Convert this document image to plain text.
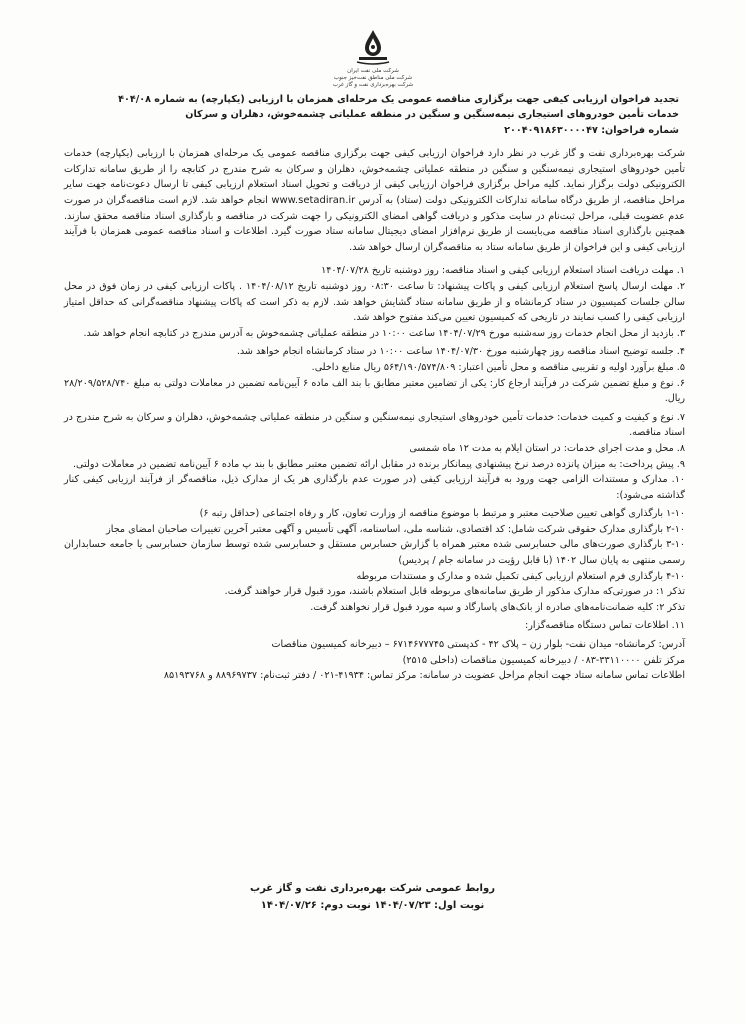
شرکت ملی نفت ایران
شرکت ملی مناطق نفت‌خیز جنوب
شرکت بهره‌برداری نفت و گاز غرب
تجدید فراخوان ارزیابی کیفی جهت برگزاری مناقصه عمومی یک مرحله‌ای همزمان با ارزیابی (یکپارچه) به شماره ۴۰۴/۰۸
خدمات تأمین خودروهای استیجاری نیمه‌سنگین و سنگین در منطقه عملیاتی چشمه‌خوش، دهلران و سرکان
شماره فراخوان: ۲۰۰۴۰۹۱۸۶۳۰۰۰۰۴۷

شرکت بهره‌برداری نفت و گاز غرب در نظر دارد فراخوان ارزیابی کیفی جهت برگزاری مناقصه عمومی یک مرحله‌ای همزمان با ارزیابی (یکپارچه) خدمات تأمین خودروهای استیجاری نیمه‌سنگین و سنگین در منطقه عملیاتی چشمه‌خوش، دهلران و سرکان به شرح مندرج در کتابچه را از طریق سامانه تدارکات الکترونیکی دولت برگزار نماید. کلیه مراحل برگزاری فراخوان ارزیابی کیفی از دریافت و تحویل اسناد استعلام ارزیابی کیفی تا ارسال دعوت‌نامه جهت سایر مراحل مناقصه، از طریق درگاه سامانه تدارکات الکترونیکی دولت (ستاد) به آدرس www.setadiran.ir انجام خواهد شد. لازم است مناقصه‌گران در صورت عدم عضویت قبلی، مراحل ثبت‌نام در سایت مذکور و دریافت گواهی امضای الکترونیکی را جهت شرکت در مناقصه و بارگذاری اسناد مناقصه محقق سازند. همچنین بارگذاری اسناد مناقصه می‌بایست از طریق نرم‌افزار امضای دیجیتال سامانه ستاد صورت گیرد. اطلاعات و اسناد مناقصه عمومی همزمان با فرآیند ارزیابی کیفی و این فراخوان از طریق سامانه ستاد به مناقصه‌گران ارسال خواهد شد.

۱. مهلت دریافت اسناد استعلام ارزیابی کیفی و اسناد مناقصه: روز دوشنبه تاریخ ۱۴۰۴/۰۷/۲۸
۲. مهلت ارسال پاسخ استعلام ارزیابی کیفی و پاکات پیشنهاد: تا ساعت ۰۸:۳۰ روز دوشنبه تاریخ ۱۴۰۴/۰۸/۱۲ . پاکات ارزیابی کیفی در زمان فوق در محل سالن جلسات کمیسیون در ستاد کرمانشاه و از طریق سامانه ستاد گشایش خواهد شد. لازم به ذکر است که پاکات پیشنهاد مناقصه‌گرانی که حداقل امتیاز ارزیابی کیفی را کسب نمایند در تاریخی که کمیسیون تعیین می‌کند مفتوح خواهد شد.
۳. بازدید از محل انجام خدمات روز سه‌شنبه مورخ ۱۴۰۴/۰۷/۲۹ ساعت ۱۰:۰۰ در منطقه عملیاتی چشمه‌خوش به آدرس مندرج در کتابچه انجام خواهد شد.
۴. جلسه توضیح اسناد مناقصه روز چهارشنبه مورخ ۱۴۰۴/۰۷/۳۰ ساعت ۱۰:۰۰ در ستاد کرمانشاه انجام خواهد شد.
۵. مبلغ برآورد اولیه و تقریبی مناقصه و محل تأمین اعتبار: ۵۶۴/۱۹۰/۵۷۴/۸۰۹ ریال منابع داخلی.
۶. نوع و مبلغ تضمین شرکت در فرآیند ارجاع کار: یکی از تضامین معتبر مطابق با بند الف ماده ۶ آیین‌نامه تضمین در معاملات دولتی به مبلغ ۲۸/۲۰۹/۵۲۸/۷۴۰ ریال.
۷. نوع و کیفیت و کمیت خدمات: خدمات تأمین خودروهای استیجاری نیمه‌سنگین و سنگین در منطقه عملیاتی چشمه‌خوش، دهلران و سرکان به شرح مندرج در اسناد مناقصه.
۸. محل و مدت اجرای خدمات: در استان ایلام به مدت ۱۲ ماه شمسی
۹. پیش پرداخت: به میزان پانزده درصد نرخ پیشنهادی پیمانکار برنده در مقابل ارائه تضمین معتبر مطابق با بند پ ماده ۶ آیین‌نامه تضمین در معاملات دولتی.
۱۰. مدارک و مستندات الزامی جهت ورود به فرآیند ارزیابی کیفی (در صورت عدم بارگذاری هر یک از مدارک ذیل، مناقصه‌گر از فرآیند ارزیابی کیفی کنار گذاشته می‌شود):
۱-۱۰ بارگذاری گواهی تعیین صلاحیت معتبر و مرتبط با موضوع مناقصه از وزارت تعاون، کار و رفاه اجتماعی (حداقل رتبه ۶)
۲-۱۰ بارگذاری مدارک حقوقی شرکت شامل: کد اقتصادی، شناسه ملی، اساسنامه، آگهی تأسیس و آگهی معتبر آخرین تغییرات صاحبان امضای مجاز
۳-۱۰ بارگذاری صورت‌های مالی حسابرسی شده معتبر همراه با گزارش حسابرس مستقل و حسابرسی شده توسط سازمان حسابرسی یا جامعه حسابداران رسمی منتهی به پایان سال ۱۴۰۲ (با قابل رؤیت در سامانه جام / پردیس)
۴-۱۰ بارگذاری فرم استعلام ارزیابی کیفی تکمیل شده و مدارک و مستندات مربوطه
تذکر ۱: در صورتی‌که مدارک مذکور از طریق سامانه‌های مربوطه قابل استعلام باشند، مورد قبول قرار خواهند گرفت.
تذکر ۲: کلیه ضمانت‌نامه‌های صادره از بانک‌های پاسارگاد و سپه مورد قبول قرار نخواهند گرفت.
۱۱. اطلاعات تماس دستگاه مناقصه‌گزار:
آدرس: کرمانشاه- میدان نفت- بلوار زن – پلاک ۴۲ - کدپستی ۶۷۱۴۶۷۷۷۴۵ – دبیرخانه کمیسیون مناقصات
مرکز تلفن ۳۳۱۱۰۰۰۰-۰۸۳ / دبیرخانه کمیسیون مناقصات (داخلی ۲۵۱۵)
اطلاعات تماس سامانه ستاد جهت انجام مراحل عضویت در سامانه: مرکز تماس: ۴۱۹۳۴-۰۲۱ / دفتر ثبت‌نام: ۸۸۹۶۹۷۳۷ و ۸۵۱۹۳۷۶۸
روابط عمومی شرکت بهره‌برداری نفت و گاز غرب
نوبت اول: ۱۴۰۴/۰۷/۲۳ نوبت دوم: ۱۴۰۴/۰۷/۲۶
